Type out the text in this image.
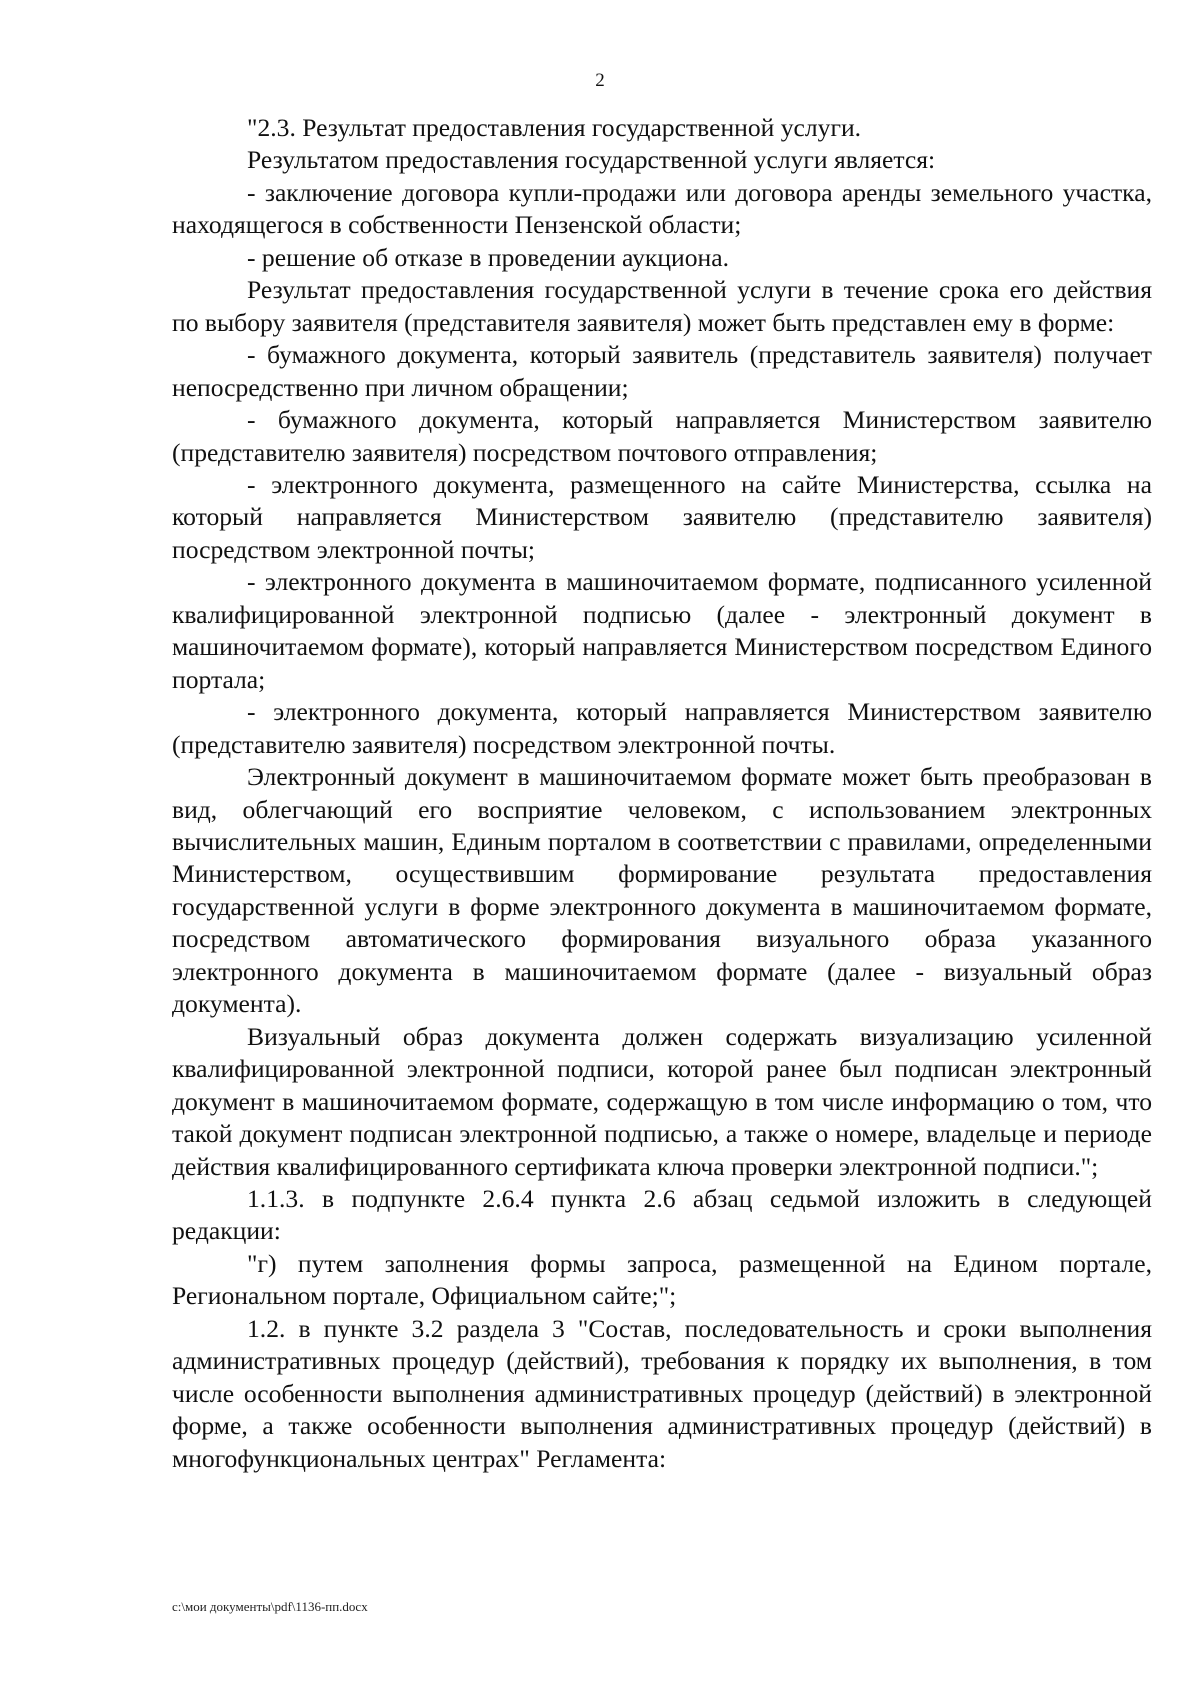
2

"2.3. Результат предоставления государственной услуги.

Результатом предоставления государственной услуги является:

- заключение договора купли-продажи или договора аренды земельного участка, находящегося в собственности Пензенской области;

- решение об отказе в проведении аукциона.

Результат предоставления государственной услуги в течение срока его действия по выбору заявителя (представителя заявителя) может быть представлен ему в форме:

- бумажного документа, который заявитель (представитель заявителя) получает непосредственно при личном обращении;

- бумажного документа, который направляется Министерством заявителю (представителю заявителя) посредством почтового отправления;

- электронного документа, размещенного на сайте Министерства, ссылка на который направляется Министерством заявителю (представителю заявителя) посредством электронной почты;

- электронного документа в машиночитаемом формате, подписанного усиленной квалифицированной электронной подписью (далее - электронный документ в машиночитаемом формате), который направляется Министерством посредством Единого портала;

- электронного документа, который направляется Министерством заявителю (представителю заявителя) посредством электронной почты.

Электронный документ в машиночитаемом формате может быть преобразован в вид, облегчающий его восприятие человеком, с использованием электронных вычислительных машин, Единым порталом в соответствии с правилами, определенными Министерством, осуществившим формирование результата предоставления государственной услуги в форме электронного документа в машиночитаемом формате, посредством автоматического формирования визуального образа указанного электронного документа в машиночитаемом формате (далее - визуальный образ документа).

Визуальный образ документа должен содержать визуализацию усиленной квалифицированной электронной подписи, которой ранее был подписан электронный документ в машиночитаемом формате, содержащую в том числе информацию о том, что такой документ подписан электронной подписью, а также о номере, владельце и периоде действия квалифицированного сертификата ключа проверки электронной подписи.";

1.1.3. в подпункте 2.6.4 пункта 2.6 абзац седьмой изложить в следующей редакции:

"г) путем заполнения формы запроса, размещенной на Едином портале, Региональном портале, Официальном сайте;";

1.2. в пункте 3.2 раздела 3 "Состав, последовательность и сроки выполнения административных процедур (действий), требования к порядку их выполнения, в том числе особенности выполнения административных процедур (действий) в электронной форме, а также особенности выполнения административных процедур (действий) в многофункциональных центрах" Регламента:

c:\мои документы\pdf\1136-пп.docx
